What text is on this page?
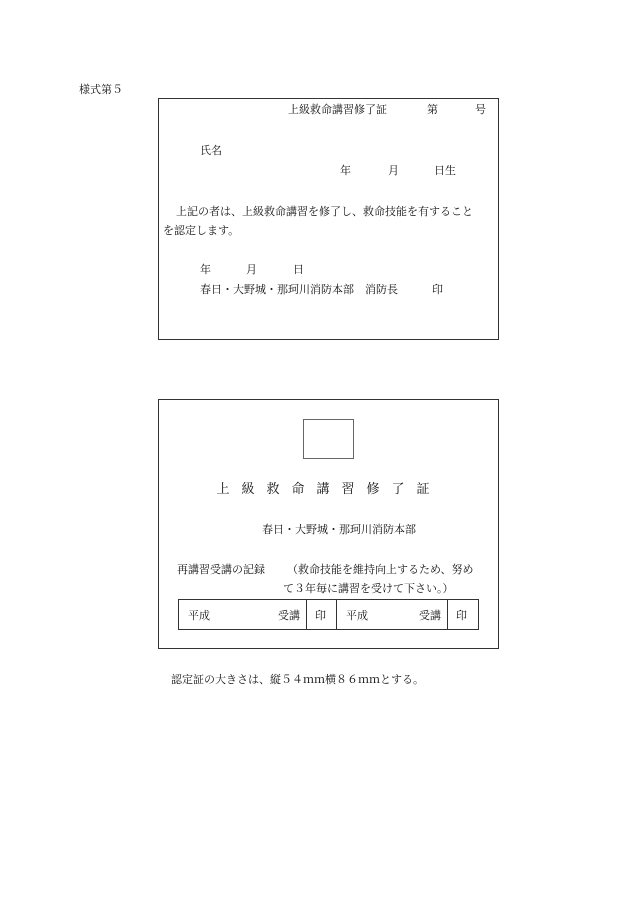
様式第５
上級救命講習修了証	第	号
氏名
年	月	日生
上記の者は、上級救命講習を修了し、救命技能を有すること
を認定します。
年	月	日
春日・大野城・那珂川消防本部　消防長	印
上級救命講習修了証
春日・大野城・那珂川消防本部
再講習受講の記録 （救命技能を維持向上するため、努め
て３年毎に講習を受けて下さい。）
平成	受講 印 平成	受講 印
認定証の大きさは、縦５４ｍｍ横８６ｍｍとする。
